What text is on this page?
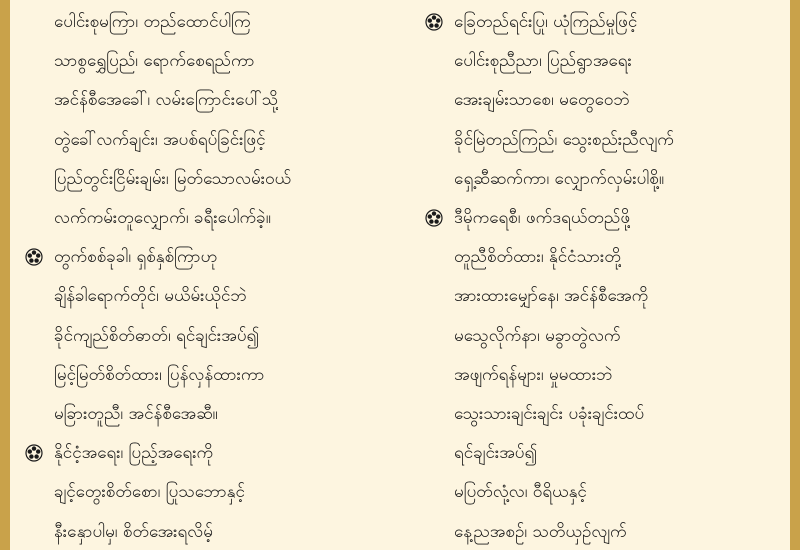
ပေါင်းစုမကြာ၊ တည်ထောင်ပါကြ
သာစွရွှေပြည်၊ ရောက်စေရည်ကာ
အင်န်စီအေခေါ်၊ လမ်းကြောင်းပေါ်သို့
တွဲခေါ်လက်ချင်း၊ အပစ်ရပ်ခြင်းဖြင့်
ပြည်တွင်းငြိမ်းချမ်း၊ မြတ်သောလမ်းဝယ်
လက်ကမ်းတူလျှောက်၊ ခရီးပေါက်ခဲ့။
တွက်စစ်ခုခါ၊ ရှစ်နှစ်ကြာဟု
ချိန်ခါရောက်တိုင်၊ မယိမ်းယိုင်ဘဲ
ခိုင်ကျည်စိတ်ဓာတ်၊ ရင်ချင်းအပ်၍
မြင့်မြတ်စိတ်ထား၊ ပြန်လှန်ထားကာ
မခြားတူညီ၊ အင်န်စီအေဆီ။
နိုင်ငံ့အရေး၊ ပြည့်အရေးကို
ချင့်တွေးစိတ်စော၊ ပြုသဘောနှင့်
နီးနှောပါမှ၊ စိတ်အေးရလိမ့်
ခြေတည်ရင်းပြု၊ ယုံကြည်မှုဖြင့်
ပေါင်းစုညီညာ၊ ပြည်ရွာအရေး
အေးချမ်းသာစေ၊ မတွေဝေဘဲ
ခိုင်မြဲတည်ကြည်၊ သွေးစည်းညီလျက်
ရှေ့ဆီဆက်ကာ၊ လျှောက်လှမ်းပါစို့။
ဒီမိုကရေစီ၊ ဖက်ဒရယ်တည်ဖို့
တူညီစိတ်ထား၊ နိုင်ငံသားတို့
အားထားမျှော်နေ၊ အင်န်စီအေကို
မသွေလိုက်နာ၊ မခွာတွဲလက်
အဖျက်ရန်များ၊ မှုမထားဘဲ
သွေးသားချင်းချင်း ပခုံးချင်းထပ်
ရင်ချင်းအပ်၍
မပြတ်လုံ့လ၊ ဝီရိယနှင့်
နေ့ညအစဉ်၊ သတိယှဉ်လျက်
